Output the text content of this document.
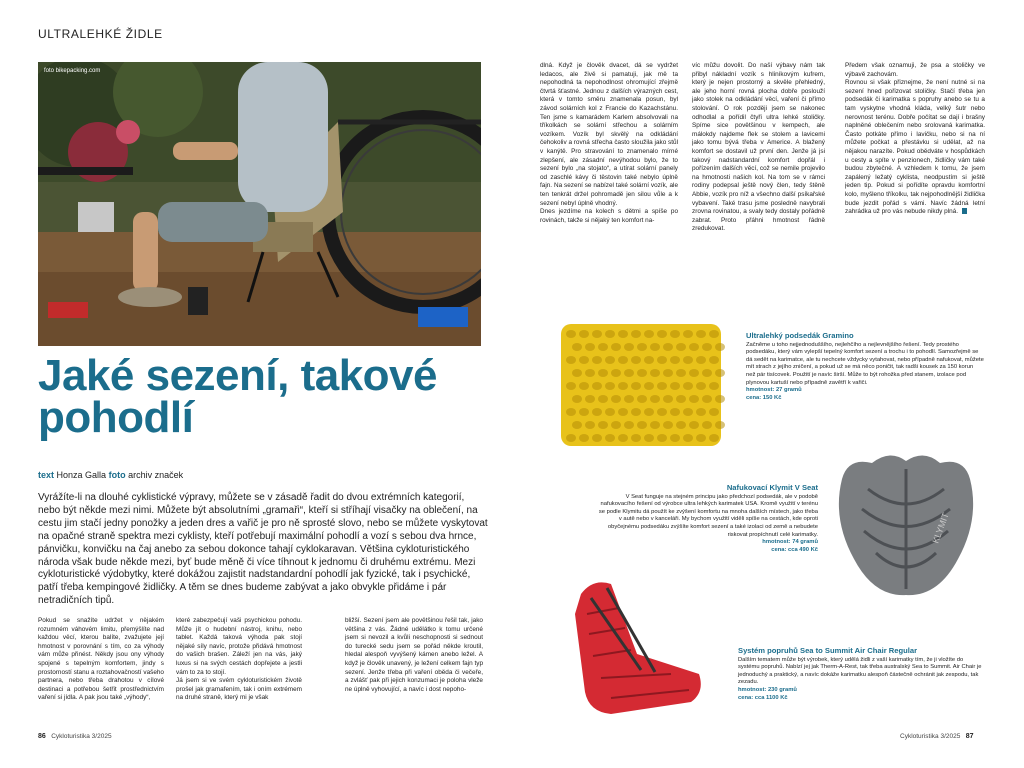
ULTRALEHKÉ ŽIDLE
foto bikepacking.com
Jaké sezení, takové pohodlí
text Honza Galla foto archiv značek

Vyrážíte-li na dlouhé cyklistické výpravy, můžete se v zásadě řadit do dvou extrémních kategorií, nebo být někde mezi nimi. Můžete být absolutními „gramaři“, kteří si stříhají visačky na oblečení, na cestu jim stačí jedny ponožky a jeden dres a vařič je pro ně sprosté slovo, nebo se můžete vyskytovat na opačné straně spektra mezi cyklisty, kteří potřebují maximální pohodlí a vozí s sebou dva hrnce, pánvičku, konvičku na čaj anebo za sebou dokonce tahají cyklokaravan. Většina cykloturistického národa však bude někde mezi, byť bude měně či více tíhnout k jednomu či druhému extrému. Mezi cykloturistické výdobytky, které dokážou zajistit nadstandardní pohodlí jak fyzické, tak i psychické, patří třeba kempingové židličky. A těm se dnes budeme zabývat a jako obvykle přidáme i pár netradičních tipů.

Pokud se snažíte udržet v nějakém rozumném váhovém limitu, přemýšlíte nad každou věcí, kterou balíte, zvažujete její hmotnost v porovnání s tím, co za výhody vám může přinést. Někdy jsou ony výhody spojené s tepelným komfortem, jindy s prostorností stanu a roztahovačností vašeho partnera, nebo třeba drahotou v cílové destinaci a potřebou šetřit prostřednictvím vaření si jídla. A pak jsou také „výhody“,

které zabezpečují vaši psychickou pohodu. Může jít o hudební nástroj, knihu, nebo tablet. Každá taková výhoda pak stojí nějaké síly navíc, protože přidává hmotnost do vašich brašen. Záleží jen na vás, jaký luxus si na svých cestách dopřejete a jestli vám to za to stojí.
Já jsem si ve svém cykloturistickém životě prošel jak gramafením, tak i oním extrémem na druhé straně, který mi je však

bližší. Sezení jsem ale povětšinou řešil tak, jako většina z vás. Žádné udělátko k tomu určené jsem si nevozil a kvůli neschopnosti si sednout do turecké sedu jsem se pořád někde kroutil, hledal alespoň vyvýšený kámen anebo ležel. A když je člověk unavený, je ležení celkem fajn typ sezení. Jenže třeba při vaření oběda či večeře, a zvlášť pak při jejich konzumaci je poloha vleže ne úplně vyhovující, a navíc i dost nepoho-

dlná. Když je člověk dvacet, dá se vydržet ledacos, ale živě si pamatuji, jak mě ta nepohodlná ta nepohodlnost ohromující zřejmě čtvrtá šťastné. Jednou z dalších výrazných cest, která v tomto směru znamenala posun, byl závod solárních kol z Francie do Kazachstánu. Ten jsme s kamarádem Karlem absolvovali na tříkolkách se solární střechou a solárním vozíkem. Vozík byl skvělý na odkládání čehokoliv a rovná střecha často sloužila jako stůl v kanýtě. Pro stravování to znamenalo mírné zlepšení, ale zásadní nevýhodou bylo, že to sezení bylo „na stojato“, a utírat solární panely od zaschlé kávy či těstovin také nebylo úplně fajn. Na sezení se nabízel také solární vozík, ale ten tenkrát držel pohromadě jen silou vůle a k sezení nebyl úplně vhodný.
Dnes jezdíme na kolech s dětmi a spíše po rovinách, takže si nějaký ten komfort na-

víc můžu dovolit. Do naší výbavy nám tak přibyl nákladní vozík s hliníkovým kufrem, který je nejen prostorný a skvěle přehledný, ale jeho horní rovná plocha dobře poslouží jako stolek na odkládání věcí, vaření či přímo stolování. O rok později jsem se nakonec odhodlal a pořídil čtyři ultra lehké stoličky. Spíme sice povětšinou v kempech, ale málokdy najdeme flek se stolem a lavicemi jako tomu bývá třeba v Americe. A blažený komfort se dostavil už první den. Jenže já jsi takový nadstandardní komfort dopřál i pořízením dalších věcí, což se nemile projevilo na hmotnosti našich kol. Na tom se v rámci rodiny podepsal ještě nový člen, tedy štěně Abbie, vozík pro níž a všechno další psíkařské vybavení. Také trasu jsme posledně navybrali zrovna rovinatou, a svaly tedy dostaly pořádně zabrat. Proto přáhni hmotnost řádně zredukovat.

Předem však oznamuji, že psa a stoličky ve výbavě zachovám.
Rovnou si však přiznejme, že není nutné si na sezení hned pořizovat stoličky. Stačí třeba jen podsedák či karimatka s popruhy anebo se tu a tam vyskytne vhodná kláda, velký šutr nebo nerovnost terénu. Dobře počítat se dají i brašny naplněné oblečením nebo srolovaná karimatka. Často potkáte přímo i lavičku, nebo si na ní můžete počkat a přestávku si udělat, až na nějakou narazíte. Pokud obědváte v hospůdkách u cesty a spíte v penzionech, židličky vám také budou zbytečné. A vzhledem k tomu, že jsem zapálený ležatý cyklista, neodpustím si ještě jeden tip. Pokud si pořídíte opravdu komfortní kolo, myšleno tříkolku, tak nejpohodlnější židlička bude jezdit pořád s vámi. Navíc žádná letní zahrádka už pro vás nebude nikdy plná.
Ultralehký podsedák Gramino
Začněme u toho nejjednoduššího, nejlehčího a nejlevnějšího řešení. Tedy prostého podsedáku, který vám vylepší tepelný komfort sezení a trochu i to pohodlí. Samozřejmě se dá sedět na karimatce, ale tu nechcete vždycky vytahovat, nebo případně nafukovat, můžete mít strach z jejího zničení, a pokud už se má něco poničit, tak radši kousek za 150 korun než pár tisícovek. Použití je navíc širší. Může to být rohožka před stanem, izolace pod plynovou kartuší nebo případně zavětří k vařiči.
hmotnost: 27 gramů
cena: 150 Kč
KLYMIT
Nafukovací Klymit V Seat
V Seat funguje na stejném principu jako předchozí podsedák, ale v podobě nafukovacího řešení od výrobce ultra lehkých karimatek USA. Kromě využití v terénu se podle Klymitu dá použít ke zvýšení komfortu na mnoha dalších místech, jako třeba v autě nebo v kanceláři. My bychom využití viděli spíše na cestách, kde oproti obyčejnému podsedáku zvýšíte komfort sezení a také izolaci od země a nebudete riskovat propíchnutí celé karimatky.
hmotnost: 74 gramů
cena: cca 490 Kč
Systém popruhů Sea to Summit Air Chair Regular
Dalším tematem může být výrobek, který udělá židli z vaší karimatky tím, že ji vložíte do systému popruhů. Nabízí jej jak Therm-A-Rest, tak třeba australský Sea to Summit. Air Chair je jednoduchý a praktický, a navíc dokáže karimatku alespoň částečně ochránit jak zespodu, tak zezadu.
hmotnost: 230 gramů
cena: cca 1100 Kč
86 Cykloturistika 3/2025	Cykloturistika 3/2025 87
